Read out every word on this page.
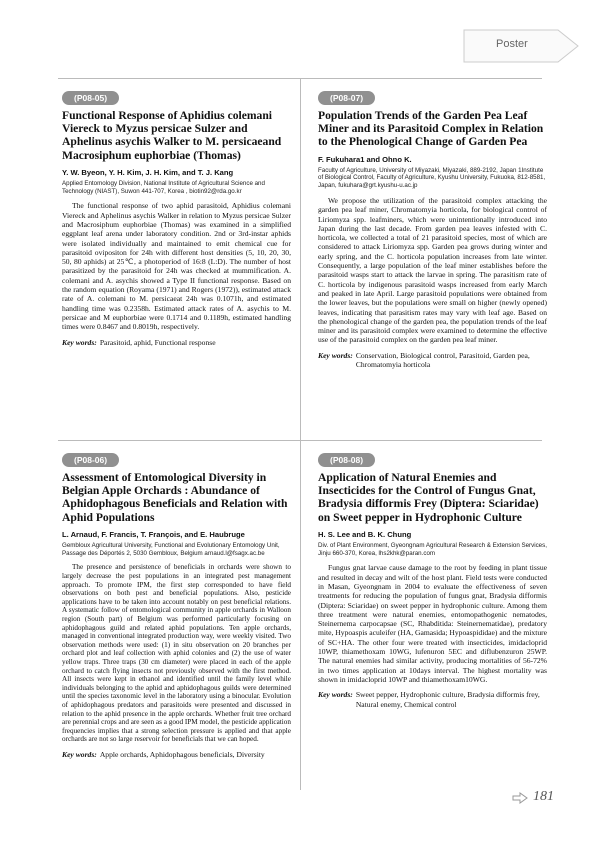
Poster
(P08-05)
Functional Response of Aphidius colemani Viereck to Myzus persicae Sulzer and Aphelinus asychis Walker to M. persicaeand Macrosiphum euphorbiae (Thomas)
Y. W. Byeon, Y. H. Kim, J. H. Kim, and T. J. Kang
Applied Entomology Division, National Institute of Agricultural Science and Technology (NIAST), Suwon 441-707, Korea , biotin92@rda.go.kr

The functional response of two aphid parasitoid, Aphidius colemani Viereck and Aphelinus asychis Walker in relation to Myzus persicae Sulzer and Macrosiphum euphorbiae (Thomas) was examined in a simplified eggplant leaf arena under laboratory condition. 2nd or 3rd-instar aphids were isolated individually and maintained to emit chemical cue for parasitoid ovipositon for 24h with different host densities (5, 10, 20, 30, 50, 80 aphids) at 25℃, a photoperiod of 16:8 (L:D). The number of host parasitized by the parasitoid for 24h was checked at mummification. A. colemani and A. asychis showed a Type II functional response. Based on the random equation (Royama (1971) and Rogers (1972)), estimated attack rate of A. colemani to M. persicaeat 24h was 0.1071h, and estimated handling time was 0.2358h. Estimated attack rates of A. asychis to M. persicae and M euphorbiae were 0.1714 and 0.1189h, estimated handling times were 0.8467 and 0.8019h, respectively.

Key words: Parasitoid, aphid, Functional response
(P08-07)
Population Trends of the Garden Pea Leaf Miner and its Parasitoid Complex in Relation to the Phenological Change of Garden Pea
F. Fukuhara1 and Ohno K.
Faculty of Agriculture, University of Miyazaki, Miyazaki, 889-2192, Japan 1Institute of Biological Control, Faculty of Agriculture, Kyushu University, Fukuoka, 812-8581, Japan, fukuhara@grt.kyushu-u.ac.jp

We propose the utilization of the parasitoid complex attacking the garden pea leaf miner, Chromatomyia horticola, for biological control of Liriomyza spp. leafminers, which were unintentionally introduced into Japan during the last decade. From garden pea leaves infested with C. horticola, we collected a total of 21 parasitoid species, most of which are considered to attack Liriomyza spp. Garden pea grows during winter and early spring, and the C. horticola population increases from late winter. Consequently, a large population of the leaf miner establishes before the parasitoid wasps start to attack the larvae in spring. The parasitism rate of C. horticola by indigenous parasitoid wasps increased from early March and peaked in late April. Large parasitoid populations were obtained from the lower leaves, but the populations were small on higher (newly opened) leaves, indicating that parasitism rates may vary with leaf age. Based on the phenological change of the garden pea, the population trends of the leaf miner and its parasitoid complex were examined to determine the effective use of the parasitoid complex on the garden pea leaf miner.

Key words: Conservation, Biological control, Parasitoid, Garden pea, Chromatomyia horticola
(P08-06)
Assessment of Entomological Diversity in Belgian Apple Orchards : Abundance of Aphidophagous Beneficials and Relation with Aphid Populations
L. Arnaud, F. Francis, T. François, and E. Haubruge
Gembloux Agricultural University, Functional and Evolutionary Entomology Unit, Passage des Déportés 2, 5030 Gembloux, Belgium arnaud.l@fsagx.ac.be

The presence and persistence of beneficials in orchards were shown to largely decrease the pest populations in an integrated pest management approach. To promote IPM, the first step corresponded to have field observations on both pest and beneficial populations. Also, pesticide applications have to be taken into account notably on pest beneficial relations. A systematic follow of entomological community in apple orchards in Walloon region (South part) of Belgium was performed particularly focusing on aphidophagous guild and related aphid populations. Ten apple orchards, managed in conventional integrated production way, were weekly visited. Two observation methods were used: (1) in situ observation on 20 branches per orchard plot and leaf collection with aphid colonies and (2) the use of water yellow traps. Three traps (30 cm diameter) were placed in each of the apple orchard to catch flying insects not previously observed with the first method. All insects were kept in ethanol and identified until the family level while individuals belonging to the aphid and aphidophagous guilds were determined until the species taxonomic level in the laboratory using a binocular. Evolution of aphidophagous predators and parasitoids were presented and discussed in relation to the aphid presence in the apple orchards. Whether fruit tree orchard are perennial crops and are seen as a good IPM model, the pesticide application frequencies implies that a strong selection pressure is applied and that apple orchards are not so large reservoir for beneficials that we can hoped.

Key words: Apple orchards, Aphidophagous beneficials, Diversity
(P08-08)
Application of Natural Enemies and Insecticides for the Control of Fungus Gnat, Bradysia difformis Frey (Diptera: Sciaridae) on Sweet pepper in Hydrophonic Culture
H. S. Lee and B. K. Chung
Div. of Plant Environment, Gyeongnam Agricultural Research & Extension Services, Jinju 660-370, Korea, lhs2khk@paran.com

Fungus gnat larvae cause damage to the root by feeding in plant tissue and resulted in decay and wilt of the host plant. Field tests were conducted in Masan, Gyeongnam in 2004 to evaluate the effectiveness of seven treatments for reducing the population of fungus gnat, Bradysia difformis (Diptera: Sciaridae) on sweet pepper in hydrophonic culture. Among them three treatment were natural enemies, entomopathogenic nematodes, Steinernema carpocapsae (SC, Rhabditida: Steinernematidae), predatory mite, Hypoaspis aculeifer (HA, Gamasida; Hypoaspididae) and the mixture of SC+HA. The other four were treated with insecticides, imidacloprid 10WP, thiamethoxam 10WG, lufenuron 5EC and diflubenzuron 25WP. The natural enemies had similar activity, producing mortalities of 56-72% in two times application at 10days interval. The highest mortality was shown in imidacloprid 10WP and thiamethoxam10WG.

Key words: Sweet pepper, Hydrophonic culture, Bradysia difformis frey, Natural enemy, Chemical control
181
